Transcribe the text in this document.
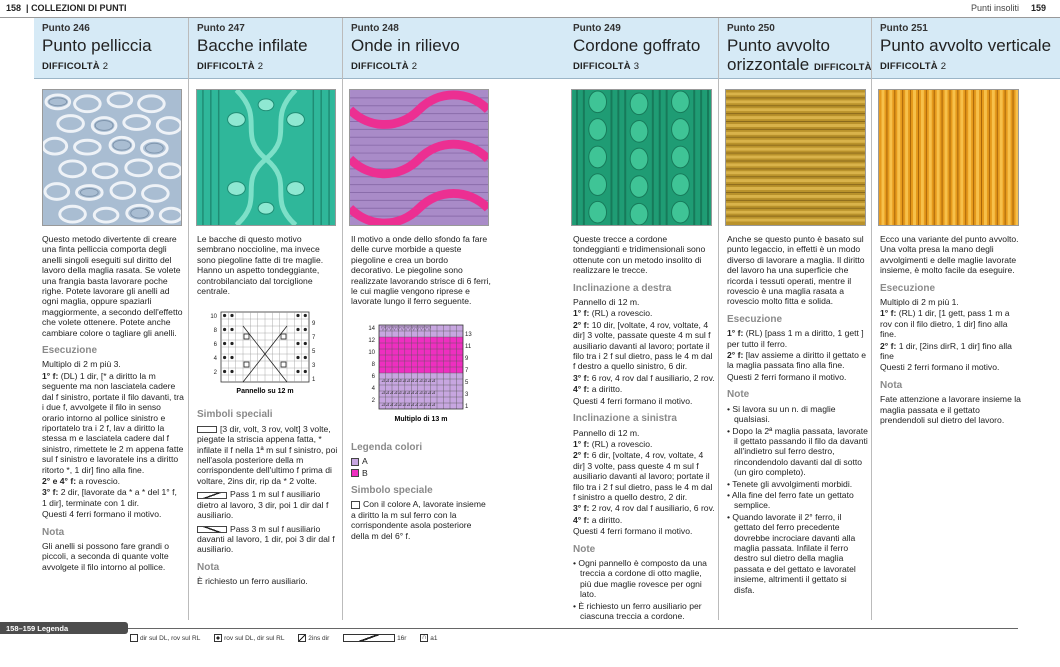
158  | COLLEZIONI DI PUNTI	Punti insoliti 159
Punto 246
Punto pelliccia
DIFFICOLTÀ 2

Questo metodo divertente di creare una finta pelliccia comporta degli anelli singoli eseguiti sul diritto del lavoro della maglia rasata. Se volete una frangia basta lavorare poche righe. Potete lavorare gli anelli ad ogni maglia, oppure spaziarli maggiormente, a secondo dell'effetto che volete ottenere. Potete anche cambiare colore o tagliare gli anelli.

Esecuzione

Multiplo di 2 m più 3.

1° f: (DL) 1 dir, [* a diritto la m seguente ma non lasciatela cadere dal f sinistro, portate il filo davanti, tra i due f, avvolgete il filo in senso orario intorno al pollice sinistro e riportatelo tra i 2 f, lav a diritto la stessa m e lasciatela cadere dal f sinistro, rimettete le 2 m appena fatte sul f sinistro e lavoratele ins a diritto ritorto *, 1 dir] fino alla fine.

2° e 4° f: a rovescio.

3° f: 2 dir, [lavorate da * a * del 1° f, 1 dir], terminate con 1 dir.

Questi 4 ferri formano il motivo.

Nota

Gli anelli si possono fare grandi o piccoli, a seconda di quante volte avvolgete il filo intorno al pollice.

Punto 247
Bacche infilate
DIFFICOLTÀ 2

Le bacche di questo motivo sembrano noccioline, ma invece sono piegoline fatte di tre maglie. Hanno un aspetto tondeggiante, controbilanciato dal torciglione centrale.

10
8
6
4
2
9
7
5
3
1
Pannello su 12 m
Simboli speciali

[3 dir, volt, 3 rov, volt] 3 volte, piegate la striscia appena fatta, * infilate il f nella 1ª m sul f sinistro, poi nell'asola posteriore della m corrispondente dell'ultimo f prima di voltare, 2ins dir, rip da * 2 volte.

Pass 1 m sul f ausiliario dietro al lavoro, 3 dir, poi 1 dir dal f ausiliario.

Pass 3 m sul f ausiliario davanti al lavoro, 1 dir, poi 3 dir dal f ausiliario.

Nota

È richiesto un ferro ausiliario.

Punto 248
Onde in rilievo
DIFFICOLTÀ 2

Il motivo a onde dello sfondo fa fare delle curve morbide a queste piegoline e crea un bordo decorativo. Le piegoline sono realizzate lavorando strisce di 6 ferri, le cui maglie vengono riprese e lavorate lungo il ferro seguente.

14
12
10
8
6
4
2
13
11
9
7
5
3
1
▽▽▽▽▽▽▽▽▽▽▽▽▽
⊿⊿⊿⊿⊿⊿⊿⊿⊿⊿⊿⊿⊿
⊿⊿⊿⊿⊿⊿⊿⊿⊿⊿⊿⊿⊿
⊿⊿⊿⊿⊿⊿⊿⊿⊿⊿⊿⊿⊿
Multiplo di 13 m
Legenda colori

A

B

Simbolo speciale

Con il colore A, lavorate insieme a diritto la m sul ferro con la corrispondente asola posteriore della m del 6° f.

Punto 249
Cordone goffrato
DIFFICOLTÀ 3

Queste trecce a cordone tondeggianti e tridimensionali sono ottenute con un metodo insolito di realizzare le trecce.

Inclinazione a destra

Pannello di 12 m.

1° f: (RL) a rovescio.

2° f: 10 dir, [voltate, 4 rov, voltate, 4 dir] 3 volte, passate queste 4 m sul f ausiliario davanti al lavoro; portate il filo tra i 2 f sul dietro, pass le 4 m dal f destro a quello sinistro, 6 dir.

3° f: 6 rov, 4 rov dal f ausiliario, 2 rov.

4° f: a diritto.

Questi 4 ferri formano il motivo.

Inclinazione a sinistra

Pannello di 12 m.

1° f: (RL) a rovescio.

2° f: 6 dir, [voltate, 4 rov, voltate, 4 dir] 3 volte, pass queste 4 m sul f ausiliario davanti al lavoro; portate il filo tra i 2 f sul dietro, pass le 4 m dal f sinistro a quello destro, 2 dir.

3° f: 2 rov, 4 rov dal f ausiliario, 6 rov.

4° f: a diritto.

Questi 4 ferri formano il motivo.

Note

• Ogni pannello è composto da una treccia a cordone di otto maglie, più due maglie rovesce per ogni lato.

• È richiesto un ferro ausiliario per ciascuna treccia a cordone.

Punto 250
Punto avvolto
orizzontale DIFFICOLTÀ

Anche se questo punto è basato sul punto legaccio, in effetti è un modo diverso di lavorare a maglia. Il diritto del lavoro ha una superficie che ricorda i tessuti operati, mentre il rovescio è una maglia rasata a rovescio molto fitta e solida.

Esecuzione

1° f: (RL) [pass 1 m a diritto, 1 gett ] per tutto il ferro.

2° f: [lav assieme a diritto il gettato e la maglia passata fino alla fine.

Questi 2 ferri formano il motivo.

Note

• Si lavora su un n. di maglie qualsiasi.

• Dopo la 2ª maglia passata, lavorate il gettato passando il filo da davanti all'indietro sul ferro destro, rincondendolo davanti dal di sotto (un giro completo).

• Tenete gli avvolgimenti morbidi.

• Alla fine del ferro fate un gettato semplice.

• Quando lavorate il 2° ferro, il gettato del ferro precedente dovrebbe incrociare davanti alla maglia passata. Infilate il ferro destro sul dietro della maglia passata e del gettato e lavoratel insieme, altrimenti il gettato si disfa.

Punto 251
Punto avvolto verticale
DIFFICOLTÀ 2

Ecco una variante del punto avvolto. Una volta presa la mano degli avvolgimenti e delle maglie lavorate insieme, è molto facile da eseguire.

Esecuzione

Multiplo di 2 m più 1.

1° f: (RL) 1 dir, [1 gett, pass 1 m a rov con il filo dietro, 1 dir] fino alla fine.

2° f: 1 dir, [2ins dirR, 1 dir] fino alla fine

Questi 2 ferri formano il motivo.

Nota

Fate attenzione a lavorare insieme la maglia passata e il gettato prendendoli sul dietro del lavoro.

158–159 Legenda
dir sul DL, rov sul RL	rov sul DL, dir sul RL	2ins dir	16r ∩ a1
